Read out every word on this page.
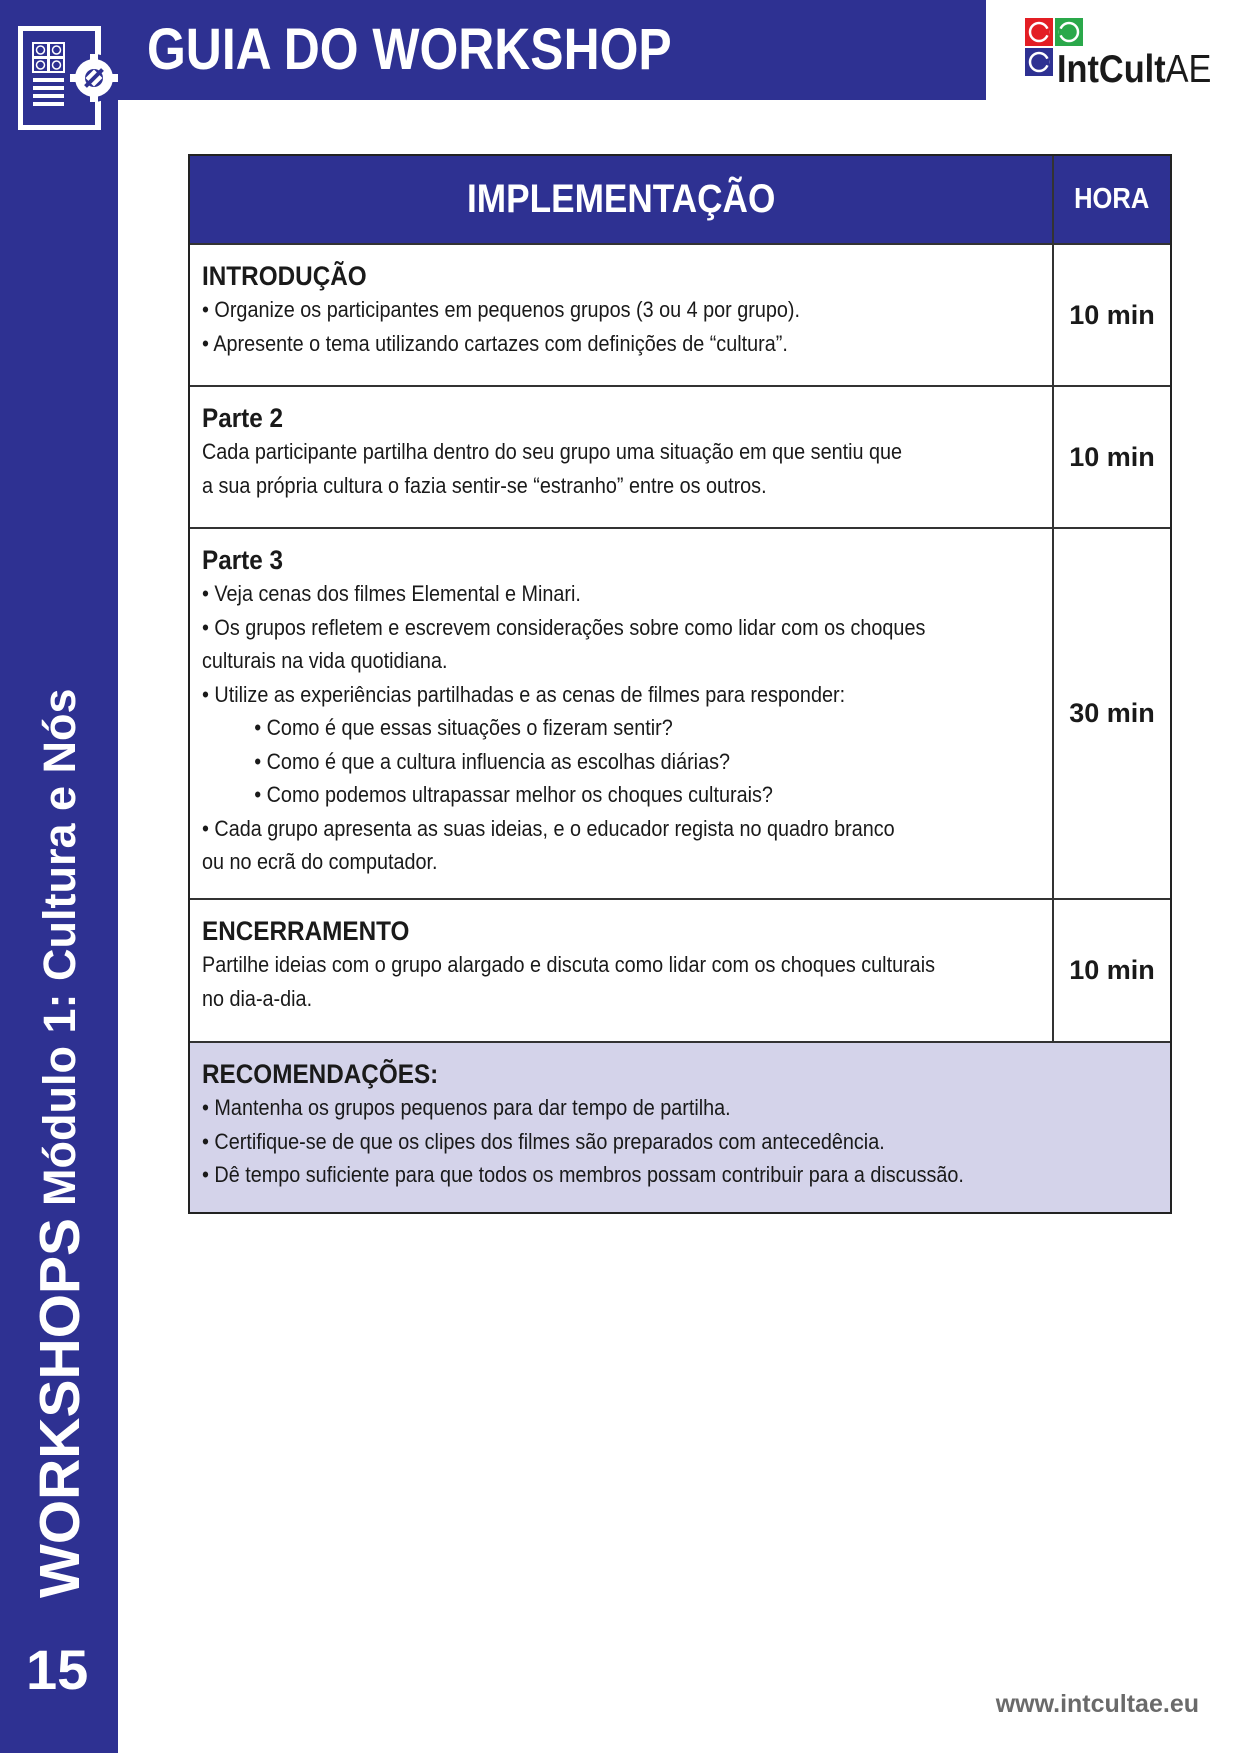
GUIA DO WORKSHOP	IntCultAE
WORKSHOPS
Módulo 1: Cultura e Nós
15
IMPLEMENTAÇÃO	HORA
INTRODUÇÃO
• Organize os participantes em pequenos grupos (3 ou 4 por grupo).
• Apresente o tema utilizando cartazes com definições de “cultura”.
10 min
Parte 2
Cada participante partilha dentro do seu grupo uma situação em que sentiu que
a sua própria cultura o fazia sentir-se “estranho” entre os outros.
10 min
Parte 3
• Veja cenas dos filmes Elemental e Minari.
• Os grupos refletem e escrevem considerações sobre como lidar com os choques
culturais na vida quotidiana.
• Utilize as experiências partilhadas e as cenas de filmes para responder:
• Como é que essas situações o fizeram sentir?
• Como é que a cultura influencia as escolhas diárias?
• Como podemos ultrapassar melhor os choques culturais?
• Cada grupo apresenta as suas ideias, e o educador regista no quadro branco
ou no ecrã do computador.
30 min
ENCERRAMENTO
Partilhe ideias com o grupo alargado e discuta como lidar com os choques culturais
no dia-a-dia.
10 min
RECOMENDAÇÕES:
• Mantenha os grupos pequenos para dar tempo de partilha.
• Certifique-se de que os clipes dos filmes são preparados com antecedência.
• Dê tempo suficiente para que todos os membros possam contribuir para a discussão.
www.intcultae.eu
